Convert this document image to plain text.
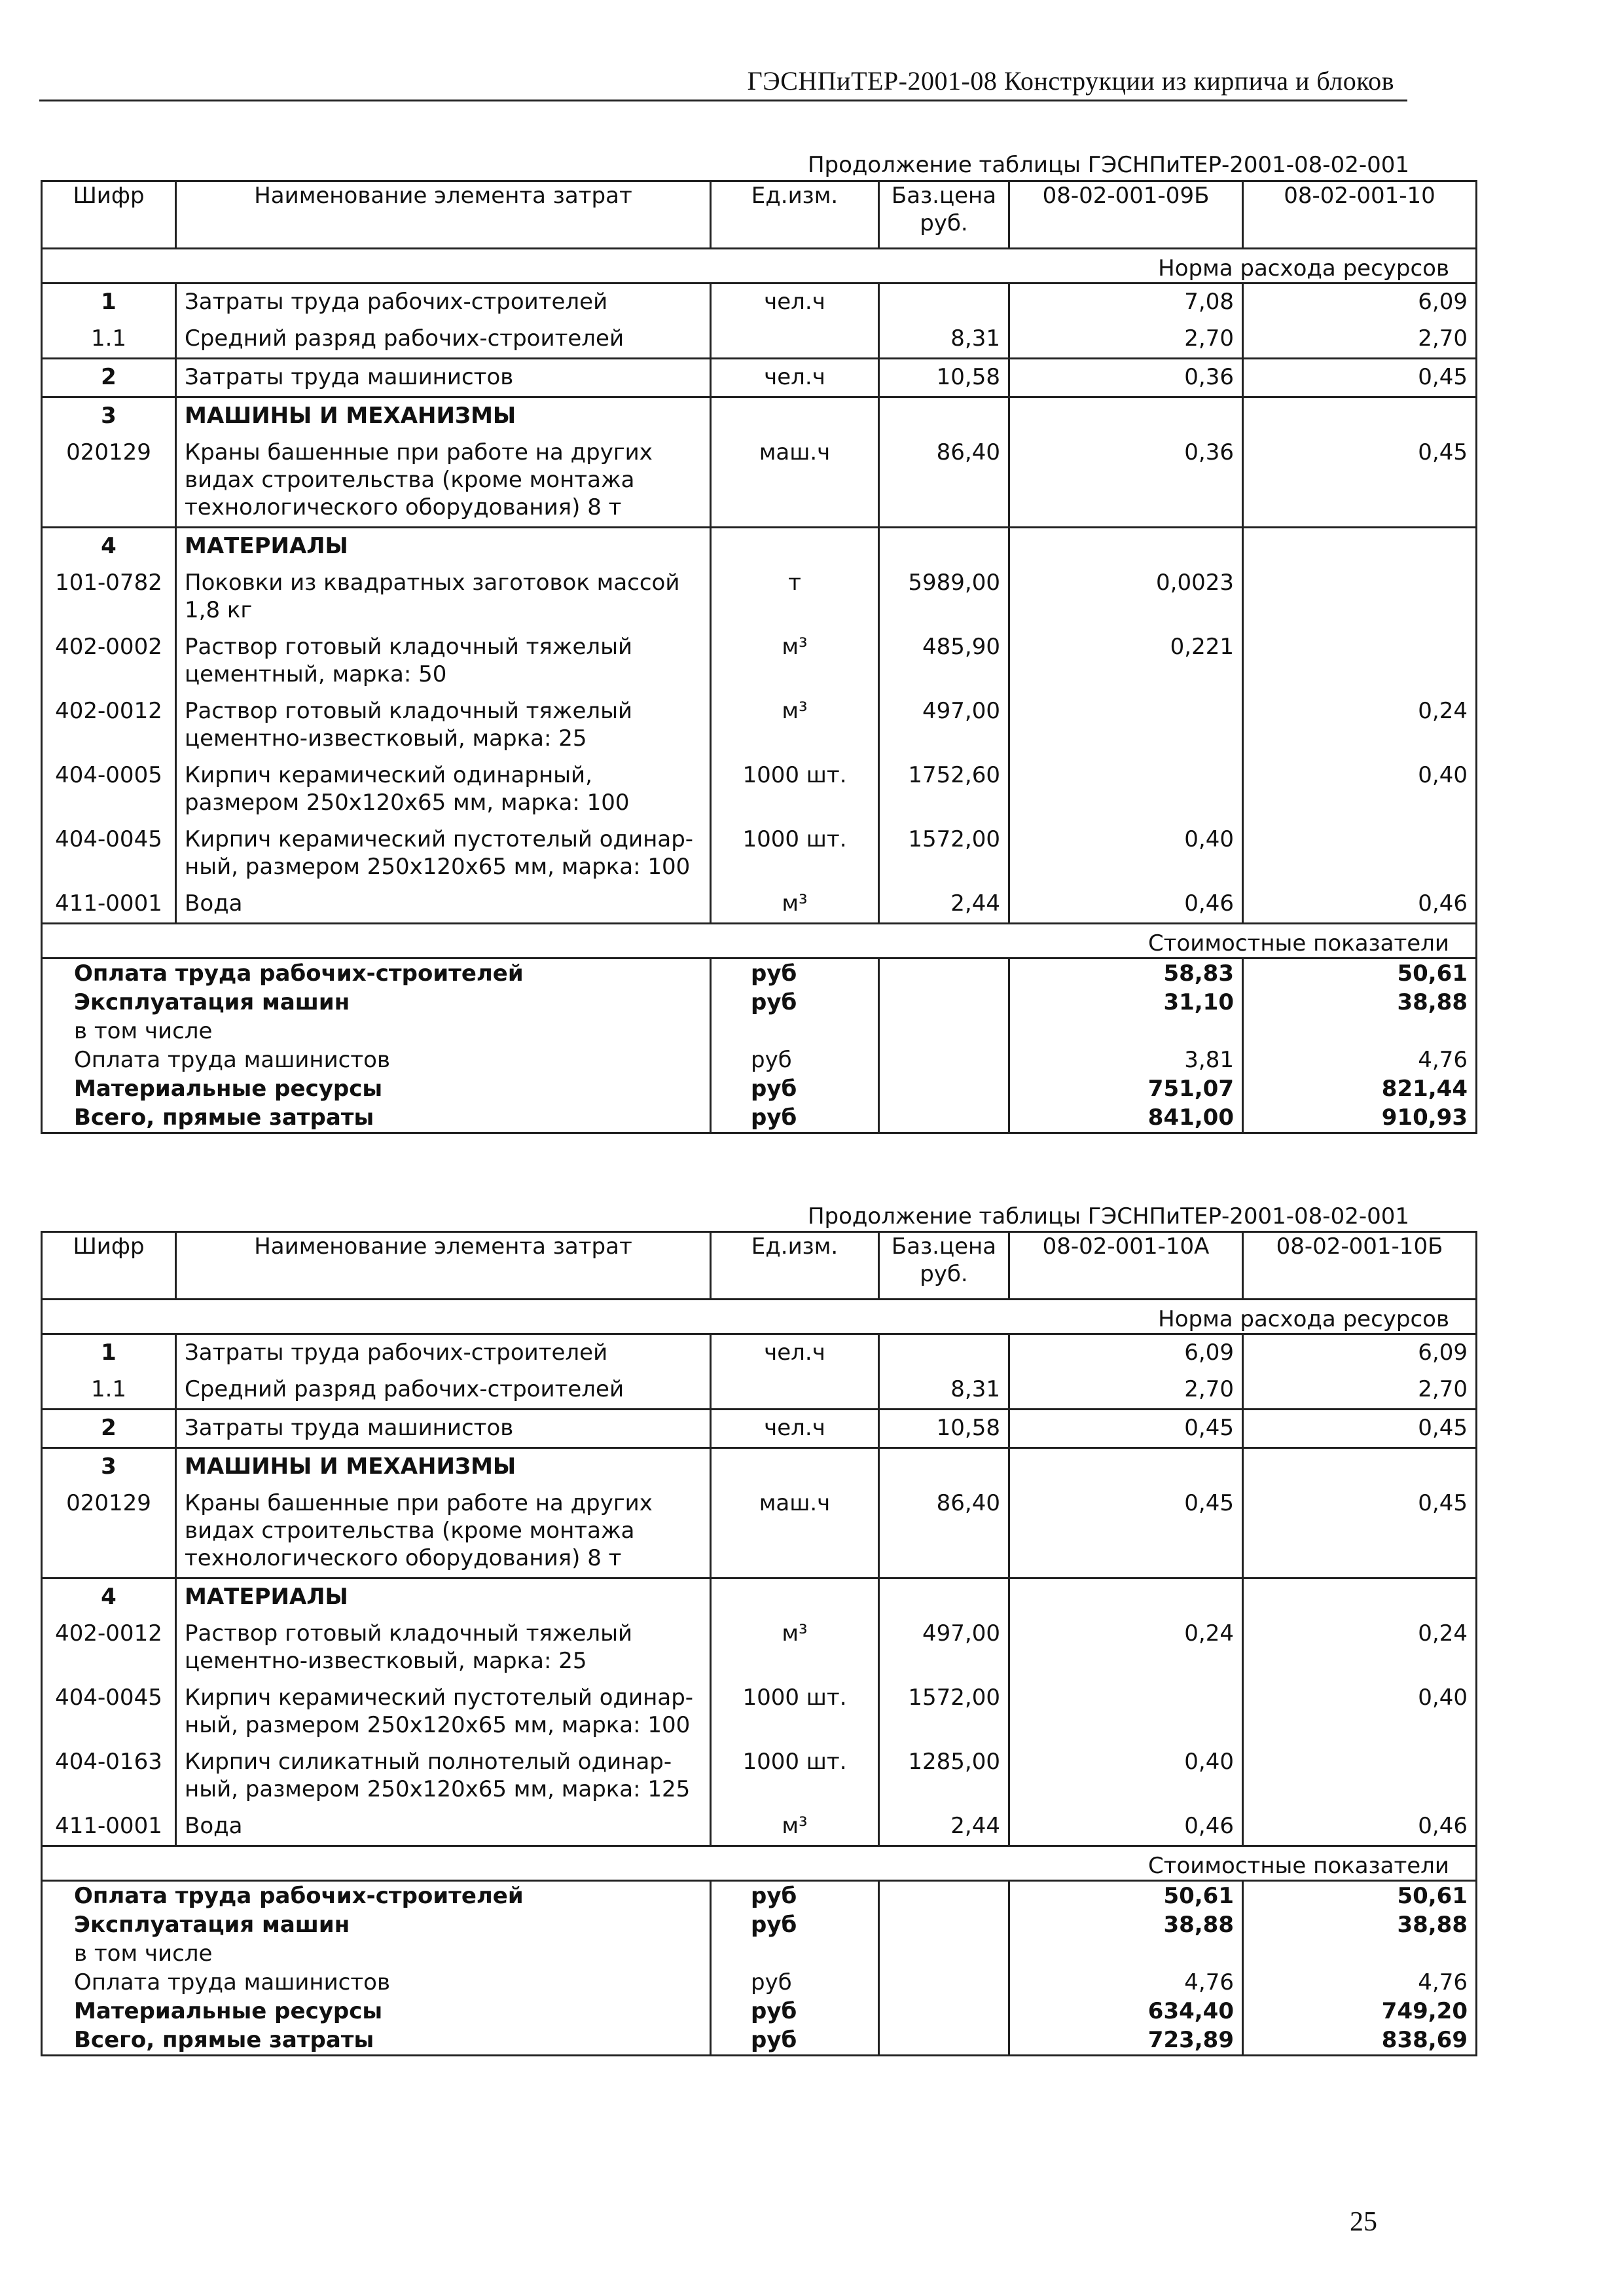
ГЭСНПиТЕР-2001-08 Конструкции из кирпича и блоков
Продолжение таблицы ГЭСНПиТЕР-2001-08-02-001
Шифр	Наименование элемента затрат	Ед.изм.	Баз.цена руб.	08-02-001-09Б	08-02-001-10
Норма расхода ресурсов					
1	Затраты труда рабочих-строителей	чел.ч		7,08	6,09
1.1	Средний разряд рабочих-строителей		8,31	2,70	2,70
2	Затраты труда машинистов	чел.ч	10,58	0,36	0,45
3	МАШИНЫ И МЕХАНИЗМЫ				
020129	Краны башенные при работе на других видах строительства (кроме монтажа технологического оборудования) 8 т	маш.ч	86,40	0,36	0,45
4	МАТЕРИАЛЫ				
101-0782	Поковки из квадратных заготовок массой 1,8 кг	т	5989,00	0,0023	
402-0002	Раствор готовый кладочный тяжелый цементный, марка: 50	м³	485,90	0,221	
402-0012	Раствор готовый кладочный тяжелый цементно-известковый, марка: 25	м³	497,00		0,24
404-0005	Кирпич керамический одинарный, размером 250x120x65 мм, марка: 100	1000 шт.	1752,60		0,40
404-0045	Кирпич керамический пустотелый одинар-ный, размером 250x120x65 мм, марка: 100	1000 шт.	1572,00	0,40	
411-0001	Вода	м³	2,44	0,46	0,46
Стоимостные показатели					
Оплата труда рабочих-строителей		руб		58,83	50,61
Эксплуатация машин		руб		31,10	38,88
в том числе					
Оплата труда машинистов		руб		3,81	4,76
Материальные ресурсы		руб		751,07	821,44
Всего, прямые затраты		руб		841,00	910,93
Продолжение таблицы ГЭСНПиТЕР-2001-08-02-001
Шифр	Наименование элемента затрат	Ед.изм.	Баз.цена руб.	08-02-001-10А	08-02-001-10Б
Норма расхода ресурсов					
1	Затраты труда рабочих-строителей	чел.ч		6,09	6,09
1.1	Средний разряд рабочих-строителей		8,31	2,70	2,70
2	Затраты труда машинистов	чел.ч	10,58	0,45	0,45
3	МАШИНЫ И МЕХАНИЗМЫ				
020129	Краны башенные при работе на других видах строительства (кроме монтажа технологического оборудования) 8 т	маш.ч	86,40	0,45	0,45
4	МАТЕРИАЛЫ				
402-0012	Раствор готовый кладочный тяжелый цементно-известковый, марка: 25	м³	497,00	0,24	0,24
404-0045	Кирпич керамический пустотелый одинар-ный, размером 250x120x65 мм, марка: 100	1000 шт.	1572,00		0,40
404-0163	Кирпич силикатный полнотелый одинар-ный, размером 250x120x65 мм, марка: 125	1000 шт.	1285,00	0,40	
411-0001	Вода	м³	2,44	0,46	0,46
Стоимостные показатели					
Оплата труда рабочих-строителей		руб		50,61	50,61
Эксплуатация машин		руб		38,88	38,88
в том числе					
Оплата труда машинистов		руб		4,76	4,76
Материальные ресурсы		руб		634,40	749,20
Всего, прямые затраты		руб		723,89	838,69
25
